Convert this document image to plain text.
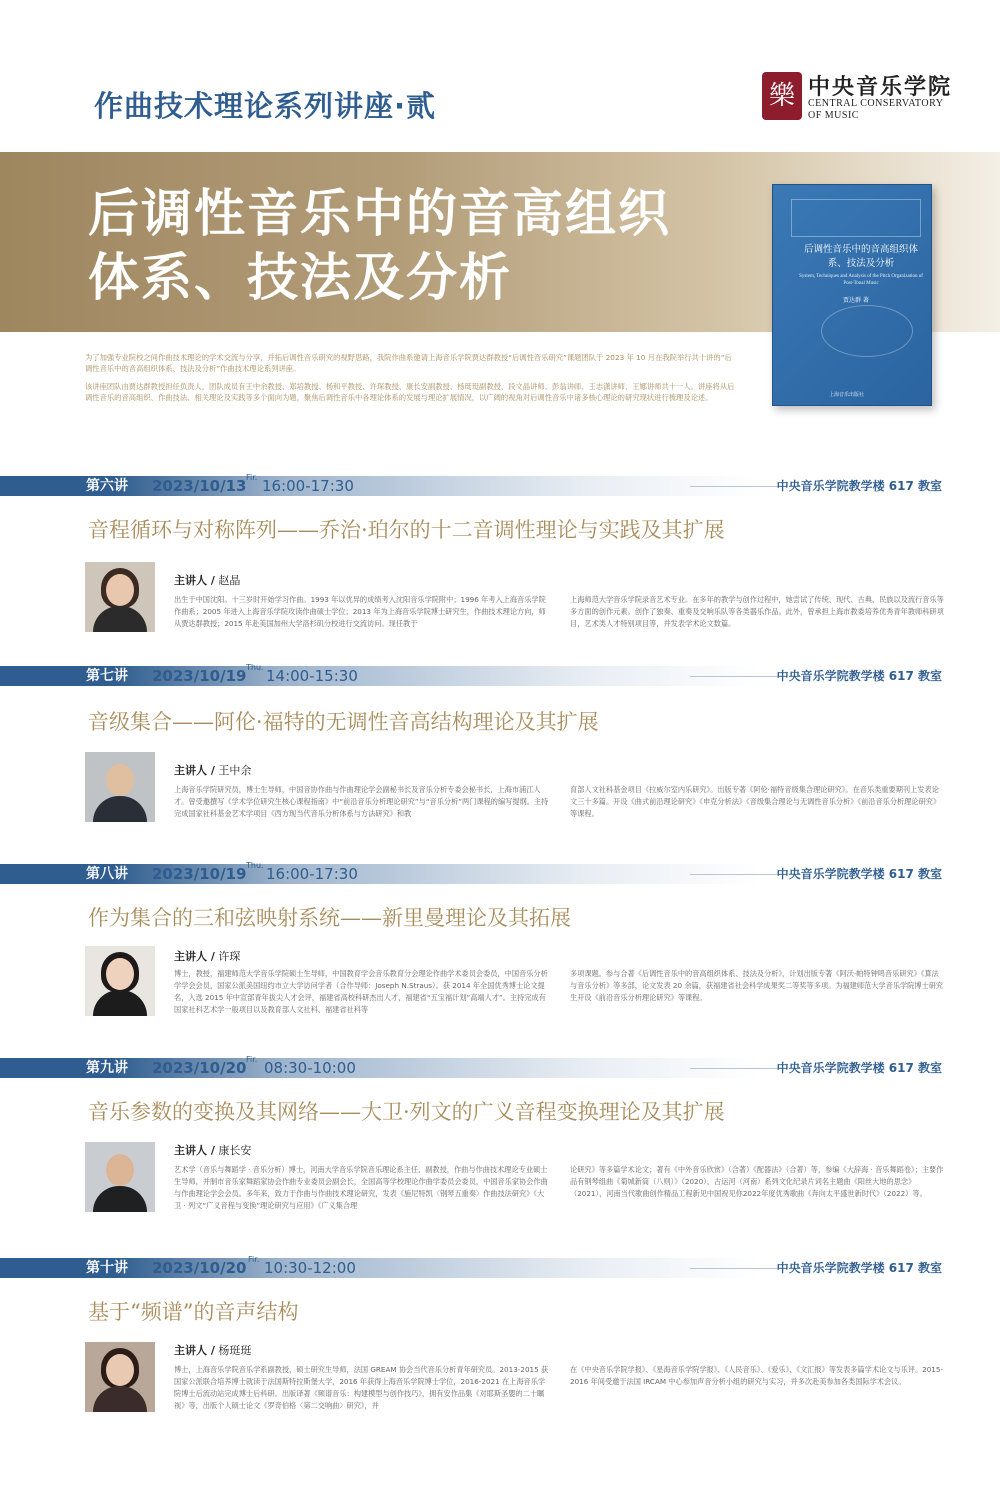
作曲技术理论系列讲座·贰	樂 中央音乐学院
CENTRAL CONSERVATORY
OF MUSIC
后调性音乐中的音高组织
体系、技法及分析	后调性音乐中的音高组织体系、技法及分析
System, Techniques and Analysis of the Pitch Organization of Post-Tonal Music
贾达群 著
上海音乐出版社
为了加强专业院校之间作曲技术理论的学术交流与分享，并拓后调性音乐研究的视野思路，我院作曲系邀请上海音乐学院贾达群教授“后调性音乐研究”课题团队于 2023 年 10 月在我院举行共十讲的“后调性音乐中的音高组织体系、技法及分析”作曲技术理论系列讲座。
该讲座团队由贾达群教授担任负责人，团队成员有王中余教授、郑培教授、杨和平教授、许琛教授、康长安副教授、杨珽珽副教授、段文晶讲师、彭翁讲师、王志潇讲师、王娜讲师共十一人。讲座将从后调性音乐的音高组织、作曲技法、相关理论及实践等多个面向为题，聚焦后调性音乐中各理论体系的发展与理论扩展情况，以广阔的视角对后调性音乐中诸多核心理论的研究现状进行梳理及论述。
第六讲 2023/10/13 Fir. 16:00-17:30	中央音乐学院教学楼 617 教室
音程循环与对称阵列——乔治·珀尔的十二音调性理论与实践及其扩展
主讲人 / 赵晶
出生于中国沈阳。十三岁时开始学习作曲。1993 年以优异的成绩考入沈阳音乐学院附中；1996 年考入上海音乐学院作曲系；2005 年进入上海音乐学院攻读作曲硕士学位；2013 年为上海音乐学院博士研究生，作曲技术理论方向，师从贾达群教授；2015 年赴美国加州大学洛杉矶分校进行交流访问。现任教于
上海师范大学音乐学院录音艺术专业。在多年的教学与创作过程中，她尝试了传统、现代、古典、民族以及流行音乐等多方面的创作元素。创作了独奏、重奏及交响乐队等各类器乐作品。此外，曾承担上海市教委培养优秀青年教师科研项目，艺术类人才特别项目等，并发表学术论文数篇。
第七讲 2023/10/19 Thu. 14:00-15:30	中央音乐学院教学楼 617 教室
音级集合——阿伦·福特的无调性音高结构理论及其扩展
主讲人 / 王中余
上海音乐学院研究员，博士生导师，中国音协作曲与作曲理论学会副秘书长及音乐分析专委会秘书长，上海市浦江人才。曾受邀撰写《学术学位研究生核心课程指南》中“前沿音乐分析理论研究”与“音乐分析”两门课程的编写提纲。主持完成国家社科基金艺术学项目《西方现当代音乐分析体系与方法研究》和教
育部人文社科基金项目《拉威尔室内乐研究》。出版专著《阿伦·福特音级集合理论研究》。在音乐类重要期刊上发表论文三十多篇。开设《曲式前沿理论研究》《申克分析法》《音级集合理论与无调性音乐分析》《前沿音乐分析理论研究》等课程。
第八讲 2023/10/19 Thu. 16:00-17:30	中央音乐学院教学楼 617 教室
作为集合的三和弦映射系统——新里曼理论及其拓展
主讲人 / 许琛
博士，教授，福建师范大学音乐学院硕士生导师，中国教育学会音乐教育分会理论作曲学术委员会委员，中国音乐分析学学会会员，国家公派美国纽约市立大学访问学者（合作导师：Joseph N.Straus）。获 2014 年全国优秀博士论文提名，入选 2015 年中宣部青年拔尖人才会评，福建省高校科研杰出人才，福建省“五宝福计划”高端人才”。主持完成有国家社科艺术学一般项目以及教育部人文社科、福建省社科等
多项课题。参与合著《后调性音乐中的音高组织体系、技法及分析》，计划出版专著《阿沃·帕特钟鸣音乐研究》《算法与音乐分析》等多部，论文发表 20 余篇，获福建省社会科学成果奖二等奖等多项。为福建师范大学音乐学院博士研究生开设《前沿音乐分析理论研究》等课程。
第九讲 2023/10/20 Fir. 08:30-10:00	中央音乐学院教学楼 617 教室
音乐参数的变换及其网络——大卫·列文的广义音程变换理论及其扩展
主讲人 / 康长安
艺术学（音乐与舞蹈学 · 音乐分析）博士，河南大学音乐学院音乐理论系主任，副教授，作曲与作曲技术理论专业硕士生导师，并制市音乐家舞蹈家协会作曲专业委员会副会长，全国高等学校理论作曲学委员会委员，中国音乐家协会作曲与作曲理论学会会员。多年来，致力于作曲与作曲技术理论研究，发表《施尼特凯〈钢琴五重奏〉作曲技法研究》《大卫 · 列文“广义音程与变换”理论研究与应用》《广义集合理
论研究》等多篇学术论文；著有《中外音乐欣赏》（合著）《配器法》（合著）等，参编《大辞海 · 音乐舞蹈卷》；主要作品有钢琴组曲《菊城新筒（八则）》（2020），古运河（河南）系列文化纪录片词名主题曲《阳丝大地的思念》（2021），河南当代歌曲创作精品工程新见中国祝见你2022年度优秀歌曲《奔向太平盛世新时代》（2022）等。
第十讲 2023/10/20 Fir. 10:30-12:00	中央音乐学院教学楼 617 教室
基于“频谱”的音声结构
主讲人 / 杨珽珽
博士，上海音乐学院音乐学系副教授，硕士研究生导师，法国 GREAM 协会当代音乐分析青年研究员。2013-2015 获国家公派联合培养博士就读于法国斯特拉斯堡大学，2016 年获得上海音乐学院博士学位，2016-2021 在上海音乐学院博士后流动站完成博士后科研。出版译著《频谱音乐：构建模型与创作技巧》，拥有安作品集《对耶斯圣嬰的二十瞩视》等，出版个人硕士论文《罗奇伯格〈第二交响曲〉研究》，并
在《中央音乐学院学报》、《星海音乐学院学报》、《人民音乐》、《爱乐》、《文汇报》等发表多篇学术论文与乐评。2015-2016 年间受邀于法国 IRCAM 中心参加声音分析小组的研究与实习，并多次赴美参加各类国际学术会议。
